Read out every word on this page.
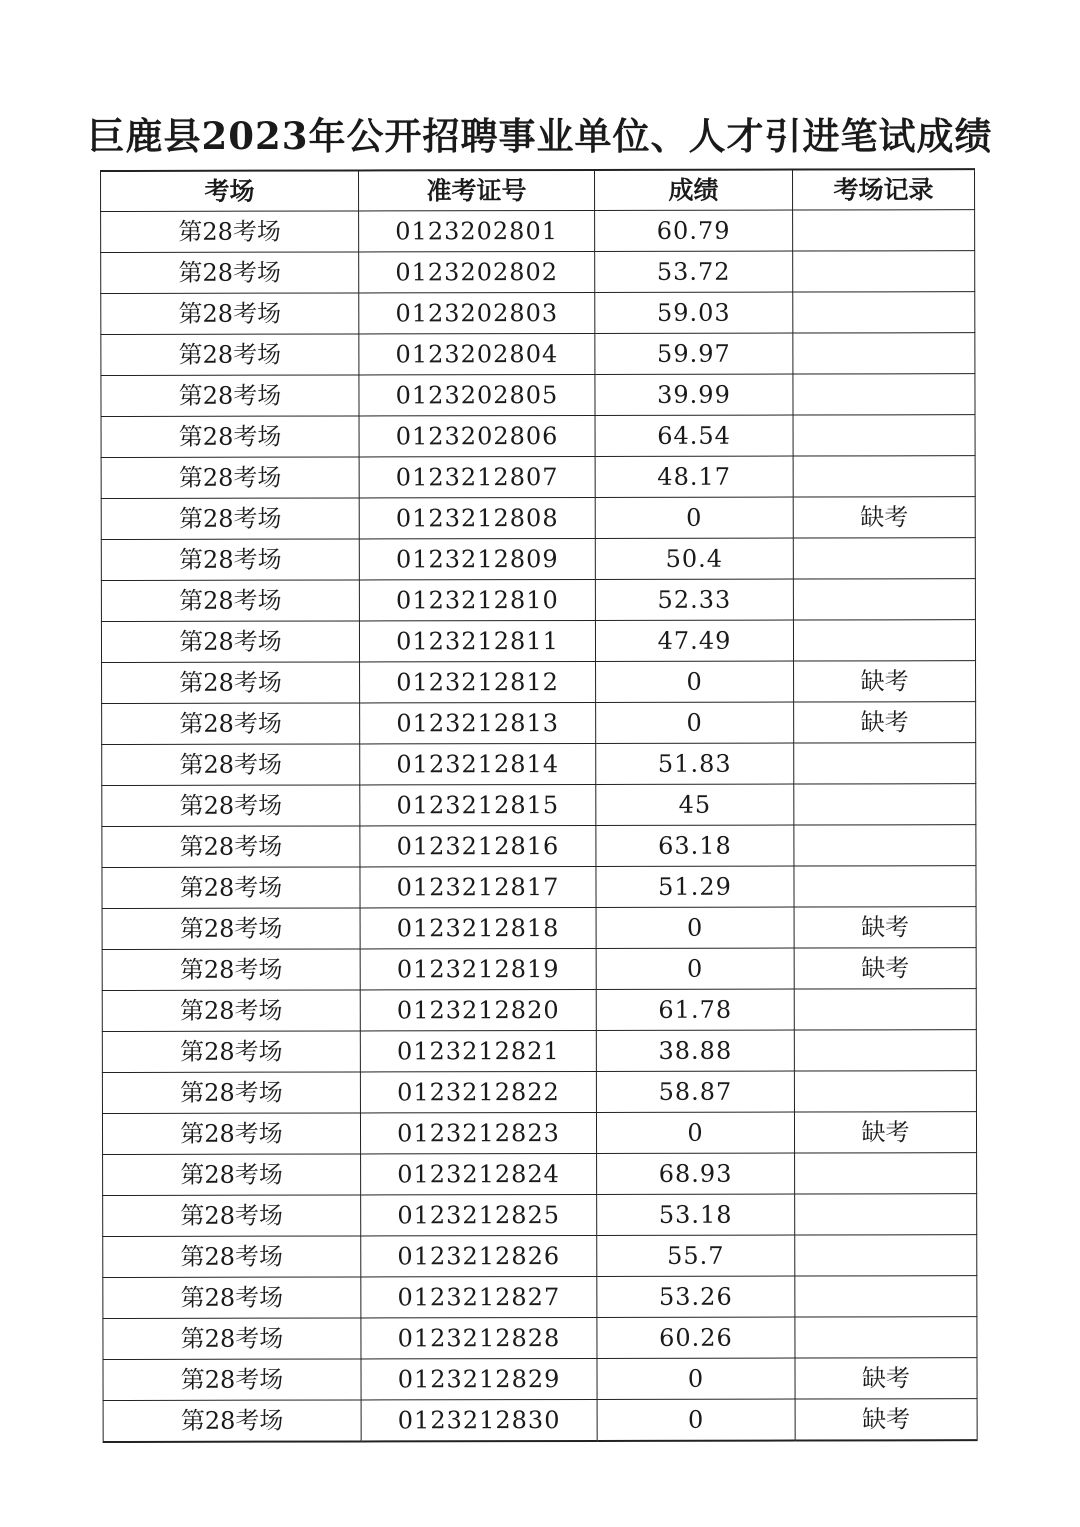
巨鹿县2023年公开招聘事业单位、人才引进笔试成绩
考场	准考证号	成绩	考场记录
第28考场	0123202801	60.79	
第28考场	0123202802	53.72	
第28考场	0123202803	59.03	
第28考场	0123202804	59.97	
第28考场	0123202805	39.99	
第28考场	0123202806	64.54	
第28考场	0123212807	48.17	
第28考场	0123212808	0	缺考
第28考场	0123212809	50.4	
第28考场	0123212810	52.33	
第28考场	0123212811	47.49	
第28考场	0123212812	0	缺考
第28考场	0123212813	0	缺考
第28考场	0123212814	51.83	
第28考场	0123212815	45	
第28考场	0123212816	63.18	
第28考场	0123212817	51.29	
第28考场	0123212818	0	缺考
第28考场	0123212819	0	缺考
第28考场	0123212820	61.78	
第28考场	0123212821	38.88	
第28考场	0123212822	58.87	
第28考场	0123212823	0	缺考
第28考场	0123212824	68.93	
第28考场	0123212825	53.18	
第28考场	0123212826	55.7	
第28考场	0123212827	53.26	
第28考场	0123212828	60.26	
第28考场	0123212829	0	缺考
第28考场	0123212830	0	缺考
